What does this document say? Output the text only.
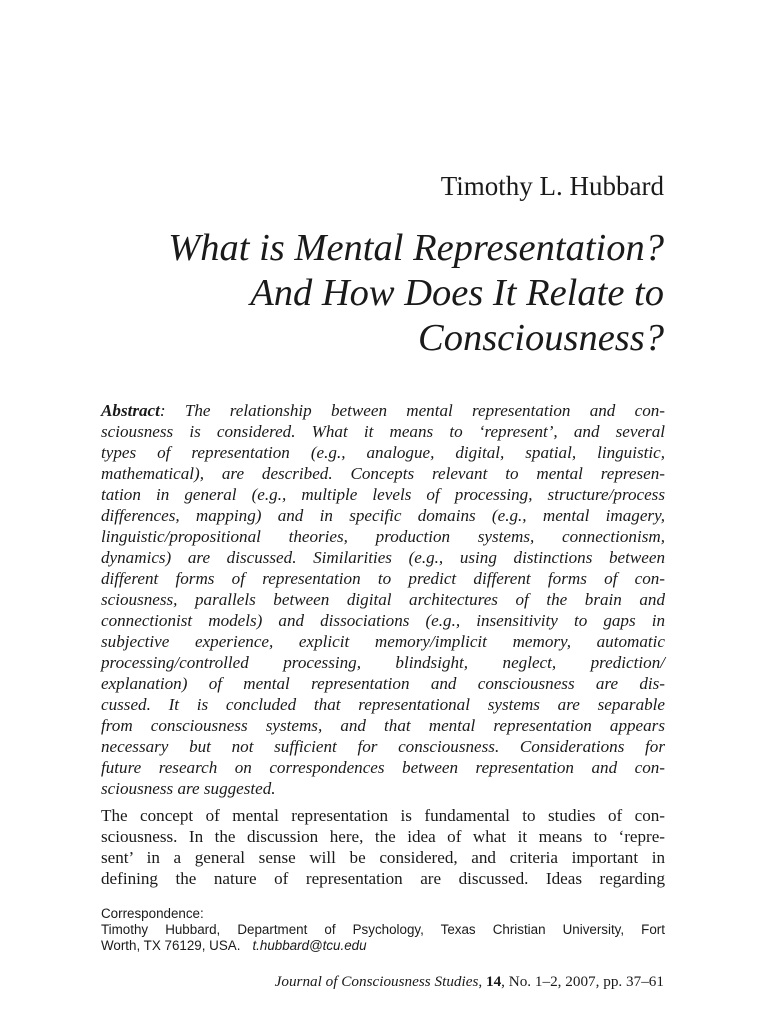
Timothy L. Hubbard
What is Mental Representation?
And How Does It Relate to
Consciousness?
Abstract: The relationship between mental representation and con-
sciousness is considered. What it means to ‘represent’, and several
types of representation (e.g., analogue, digital, spatial, linguistic,
mathematical), are described. Concepts relevant to mental represen-
tation in general (e.g., multiple levels of processing, structure/process
differences, mapping) and in specific domains (e.g., mental imagery,
linguistic/propositional theories, production systems, connectionism,
dynamics) are discussed. Similarities (e.g., using distinctions between
different forms of representation to predict different forms of con-
sciousness, parallels between digital architectures of the brain and
connectionist models) and dissociations (e.g., insensitivity to gaps in
subjective experience, explicit memory/implicit memory, automatic
processing/controlled processing, blindsight, neglect, prediction/
explanation) of mental representation and consciousness are dis-
cussed. It is concluded that representational systems are separable
from consciousness systems, and that mental representation appears
necessary but not sufficient for consciousness. Considerations for
future research on correspondences between representation and con-
sciousness are suggested.
The concept of mental representation is fundamental to studies of con-
sciousness. In the discussion here, the idea of what it means to ‘repre-
sent’ in a general sense will be considered, and criteria important in
defining the nature of representation are discussed. Ideas regarding
Correspondence:
Timothy Hubbard, Department of Psychology, Texas Christian University, Fort
Worth, TX 76129, USA. t.hubbard@tcu.edu
Journal of Consciousness Studies, 14, No. 1–2, 2007, pp. 37–61
